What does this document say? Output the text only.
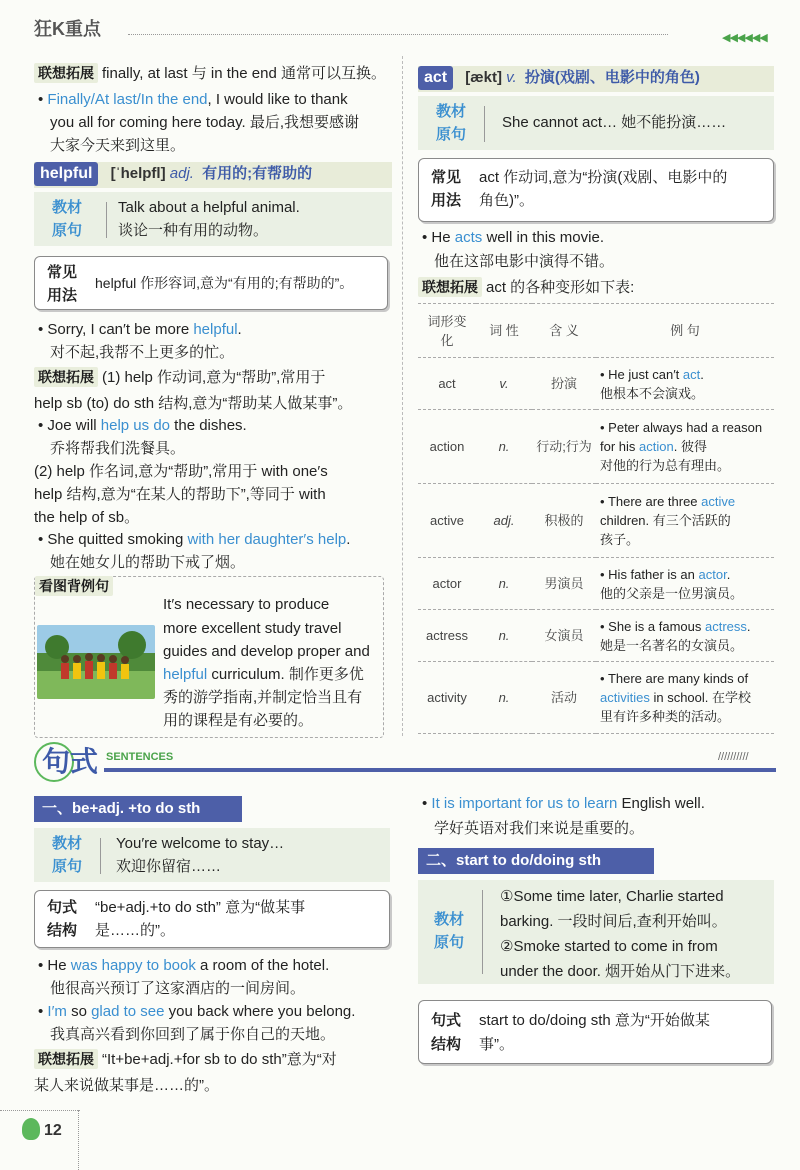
狂K重点	◀◀◀◀◀◀
联想拓展 finally, at last 与 in the end 通常可以互换。
• Finally/At last/In the end, I would like to thank
you all for coming here today. 最后,我想要感谢
大家今天来到这里。
helpful [ˈhelpfl] adj. 有用的;有帮助的
教材
原句
Talk about a helpful animal.
谈论一种有用的动物。
常见
用法
helpful 作形容词,意为“有用的;有帮助的”。
• Sorry, I can′t be more helpful.
对不起,我帮不上更多的忙。
联想拓展 (1) help 作动词,意为“帮助”,常用于
help sb (to) do sth 结构,意为“帮助某人做某事”。
• Joe will help us do the dishes.
乔将帮我们洗餐具。
(2) help 作名词,意为“帮助”,常用于 with one′s
help 结构,意为“在某人的帮助下”,等同于 with
the help of sb。
• She quitted smoking with her daughter′s help.
她在她女儿的帮助下戒了烟。
看图背例句
It′s necessary to produce
more excellent study travel
guides and develop proper and
helpful curriculum. 制作更多优
秀的游学指南,并制定恰当且有
用的课程是有必要的。
act [ækt] v. 扮演(戏剧、电影中的角色)
教材
原句
She cannot act… 她不能扮演……
常见
用法
act 作动词,意为“扮演(戏剧、电影中的
角色)”。
• He acts well in this movie.
他在这部电影中演得不错。
联想拓展 act 的各种变形如下表:
词形变化	词 性	含 义	例 句
act	v.	扮演	• He just can′t act.
他根本不会演戏。
action	n.	行动;行为	• Peter always had a reason for his action. 彼得
对他的行为总有理由。
active	adj.	积极的	• There are three active children. 有三个活跃的
孩子。
actor	n.	男演员	• His father is an actor.
他的父亲是一位男演员。
actress	n.	女演员	• She is a famous actress.
她是一名著名的女演员。
activity	n.	活动	• There are many kinds of activities in school. 在学校
里有许多种类的活动。
句式 SENTENCES	//////////
一、be+adj. +to do sth
教材
原句
You′re welcome to stay…
欢迎你留宿……
句式
结构
“be+adj.+to do sth” 意为“做某事
是……的”。
• He was happy to book a room of the hotel.
他很高兴预订了这家酒店的一间房间。
• I′m so glad to see you back where you belong.
我真高兴看到你回到了属于你自己的天地。
联想拓展 “It+be+adj.+for sb to do sth”意为“对
某人来说做某事是……的”。
• It is important for us to learn English well.
学好英语对我们来说是重要的。
二、start to do/doing sth
教材
原句
①Some time later, Charlie started
barking. 一段时间后,查利开始叫。
②Smoke started to come in from
under the door. 烟开始从门下进来。
句式
结构
start to do/doing sth 意为“开始做某
事”。
12
